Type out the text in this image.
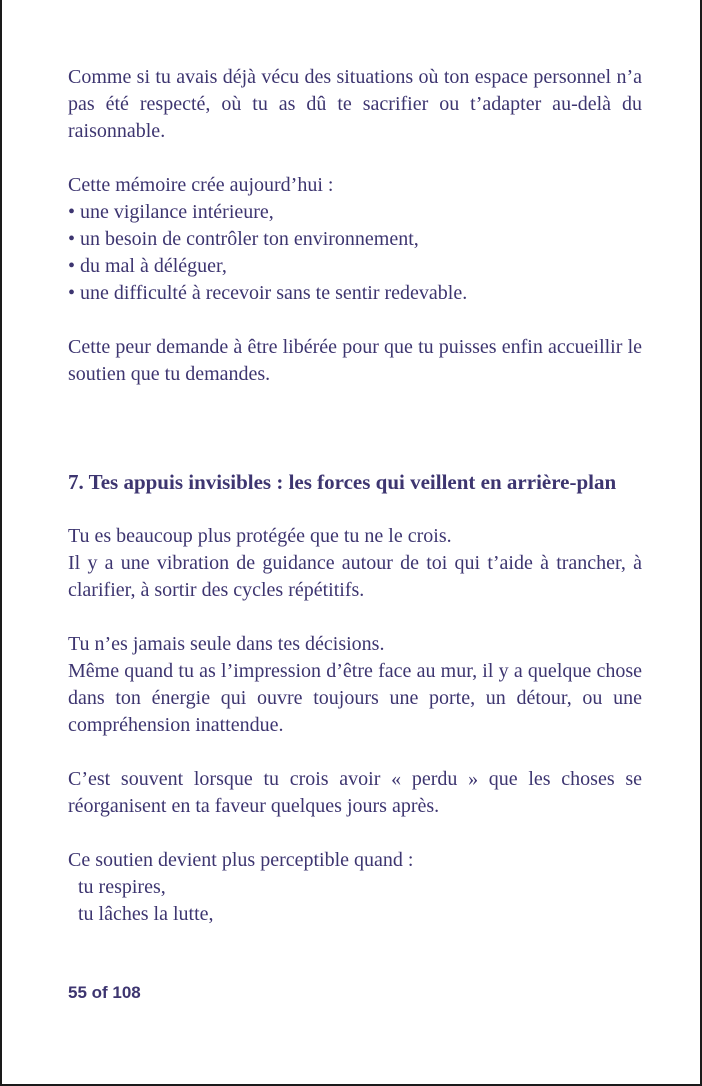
Comme si tu avais déjà vécu des situations où ton espace personnel n’a pas été respecté, où tu as dû te sacrifier ou t’adapter au-delà du raisonnable.

Cette mémoire crée aujourd’hui :

• une vigilance intérieure,
• un besoin de contrôler ton environnement,
• du mal à déléguer,
• une difficulté à recevoir sans te sentir redevable.

Cette peur demande à être libérée pour que tu puisses enfin accueillir le soutien que tu demandes.

7. Tes appuis invisibles : les forces qui veillent en arrière-plan

Tu es beaucoup plus protégée que tu ne le crois.

Il y a une vibration de guidance autour de toi qui t’aide à trancher, à clarifier, à sortir des cycles répétitifs.

Tu n’es jamais seule dans tes décisions.

Même quand tu as l’impression d’être face au mur, il y a quelque chose dans ton énergie qui ouvre toujours une porte, un détour, ou une compréhension inattendue.

C’est souvent lorsque tu crois avoir « perdu » que les choses se réorganisent en ta faveur quelques jours après.

Ce soutien devient plus perceptible quand :

tu respires,
tu lâches la lutte,
55 of 108
